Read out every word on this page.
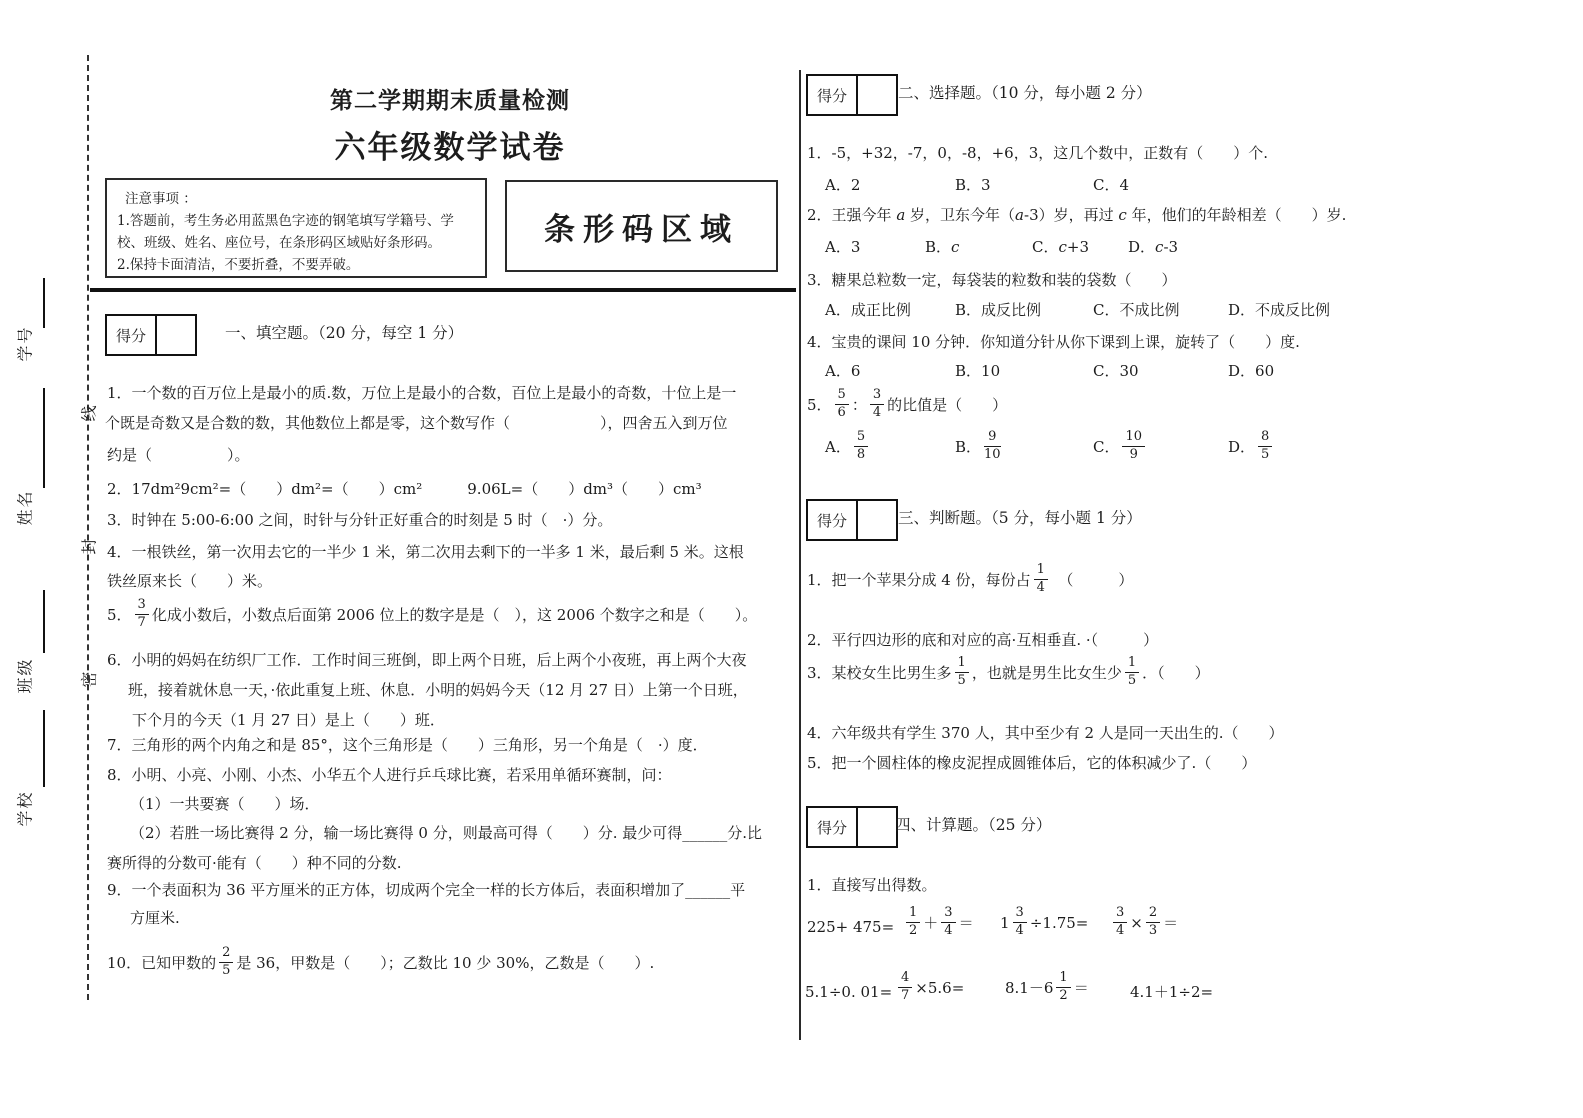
学号
姓名
班级
学校
线
封
密
第二学期期末质量检测
六年级数学试卷
注意事项 ：
1.答题前，考生务必用蓝黑色字迹的钢笔填写学籍号、学
校、班级、姓名、座位号，在条形码区域贴好条形码。
2.保持卡面清洁，不要折叠，不要弄破。
条形码区域
得分	一、填空题。（20 分，每空 1 分）
1．一个数的百万位上是最小的质.数，万位上是最小的合数，百位上是最小的奇数，十位上是一
个既是奇数又是合数的数，其他数位上都是零，这个数写作（　　　　　　），四舍五入到万位
约是（　　　　　）。
2．17dm²9cm²=（　　）dm²=（　　）cm²　　　9.06L=（　　）dm³（　　）cm³
3．时钟在 5:00-6:00 之间，时针与分针正好重合的时刻是 5 时（　·）分。
4．一根铁丝，第一次用去它的一半少 1 米，第二次用去剩下的一半多 1 米，最后剩 5 米。这根
铁丝原来长（　　）米。
5． $\frac{3}{7}$ 化成小数后，小数点后面第 2006 位上的数字是是（　），这 2006 个数字之和是（　　）。
6．小明的妈妈在纺织厂工作．工作时间三班倒，即上两个日班，后上两个小夜班，再上两个大夜
班，接着就休息一天，·依此重复上班、休息．小明的妈妈今天（12 月 27 日）上第一个日班，
下个月的今天（1 月 27 日）是上（　　）班．
7．三角形的两个内角之和是 85°，这个三角形是（　　）三角形，另一个角是（　·）度．
8．小明、小亮、小刚、小杰、小华五个人进行乒乓球比赛，若采用单循环赛制，问：
（1）一共要赛（　　）场．
（2）若胜一场比赛得 2 分，输一场比赛得 0 分，则最高可得（　　）分. 最少可得______分.比
赛所得的分数可·能有（　　）种不同的分数.
9．一个表面积为 36 平方厘米的正方体，切成两个完全一样的长方体后，表面积增加了______平
方厘米.
10．已知甲数的 $\frac{2}{5}$ 是 36，甲数是（　　）；乙数比 10 少 30%，乙数是（　　）.
得分	二、选择题。（10 分，每小题 2 分）
1．-5，+32，-7，0，-8，+6，3，这几个数中，正数有（　　）个.
A．2	B．3	C．4
2．王强今年 a 岁，卫东今年（a-3）岁，再过 c 年，他们的年龄相差（　　）岁.
A．3	B．c	C．c+3	D．c-3
3．糖果总粒数一定，每袋装的粒数和装的袋数（　　）
A．成正比例	B．成反比例	C．不成比例	D．不成反比例
4．宝贵的课间 10 分钟．你知道分针从你下课到上课，旋转了（　　）度.
A．6	B．10	C．30	D．60
5． $\frac{5}{6}$ ： $\frac{3}{4}$ 的比值是（　　）
A． $\frac{5}{8}$	B． $\frac{9}{10}$	C． $\frac{10}{9}$	D． $\frac{8}{5}$
得分	三、判断题。（5 分，每小题 1 分）
1．把一个苹果分成 4 份，每份占 $\frac{1}{4}$ 　（　　　）
2．平行四边形的底和对应的高·互相垂直. ·（　　　）
3．某校女生比男生多 $\frac{1}{5}$ ，也就是男生比女生少 $\frac{1}{5}$ ．（　　）
4．六年级共有学生 370 人，其中至少有 2 人是同一天出生的.（　　）
5．把一个圆柱体的橡皮泥捏成圆锥体后，它的体积减少了.（　　）
得分	四、计算题。（25 分）
1．直接写出得数。
$225+ 475= \frac{1}{2} + \frac{3}{4} = 1 \frac{3}{4} \div 1.75= \frac{3}{4} \times \frac{2}{3}$ ＝
5.1÷0. $01= \frac{4}{7} \times 5.6=$	$8.1-6 \frac{1}{2}$ ＝	4.1＋1÷2=
